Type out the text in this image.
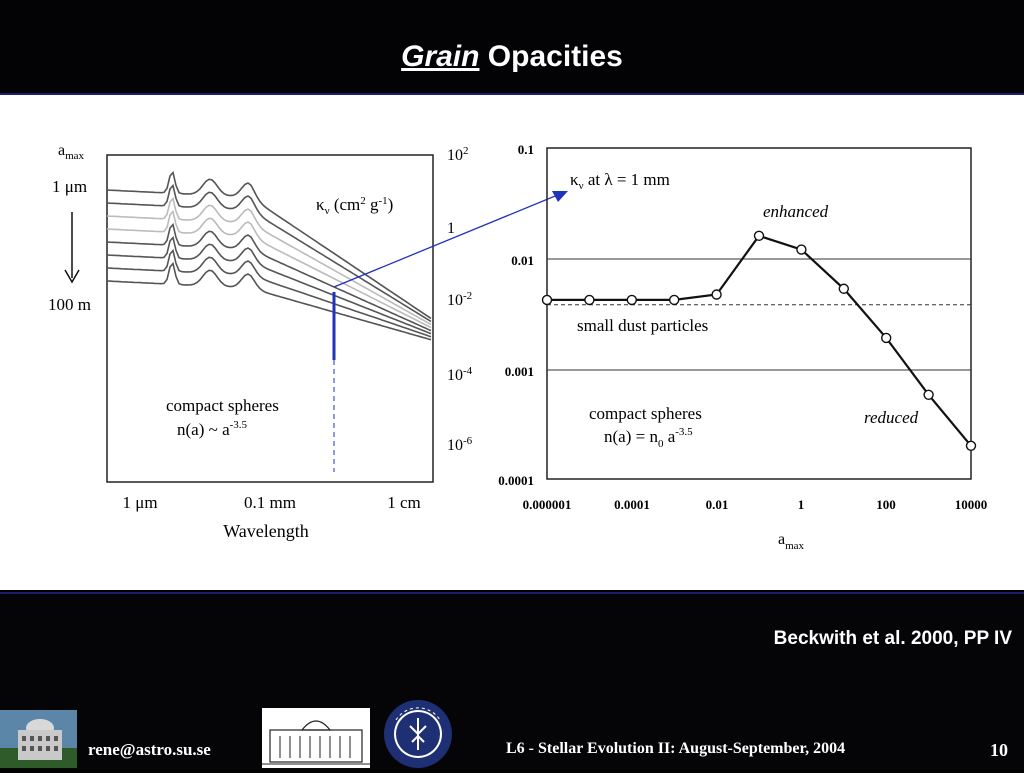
Grain Opacities
$a_{max}$
1 μm
100 m
$10^2$
1
$10^{-2}$
$10^{-4}$
$10^{-6}$
1 μm	0.1 mm	1 cm
Wavelength
$\kappa_\nu$ ($cm^2$ $g^{-1}$)
compact spheres
n(a) ~ $a^{-3.5}$
0.1
0.01
0.001
0.0001
0.000001	0.0001	0.01	1	100	10000
$a_{max}$
$\kappa_\nu$ at λ = 1 mm
enhanced
small dust particles
reduced
compact spheres
$n(a) = n_0$ $a^{-3.5}$
Beckwith et al. 2000, PP IV
rene@astro.su.se	L6 - Stellar Evolution II: August-September, 2004	10
